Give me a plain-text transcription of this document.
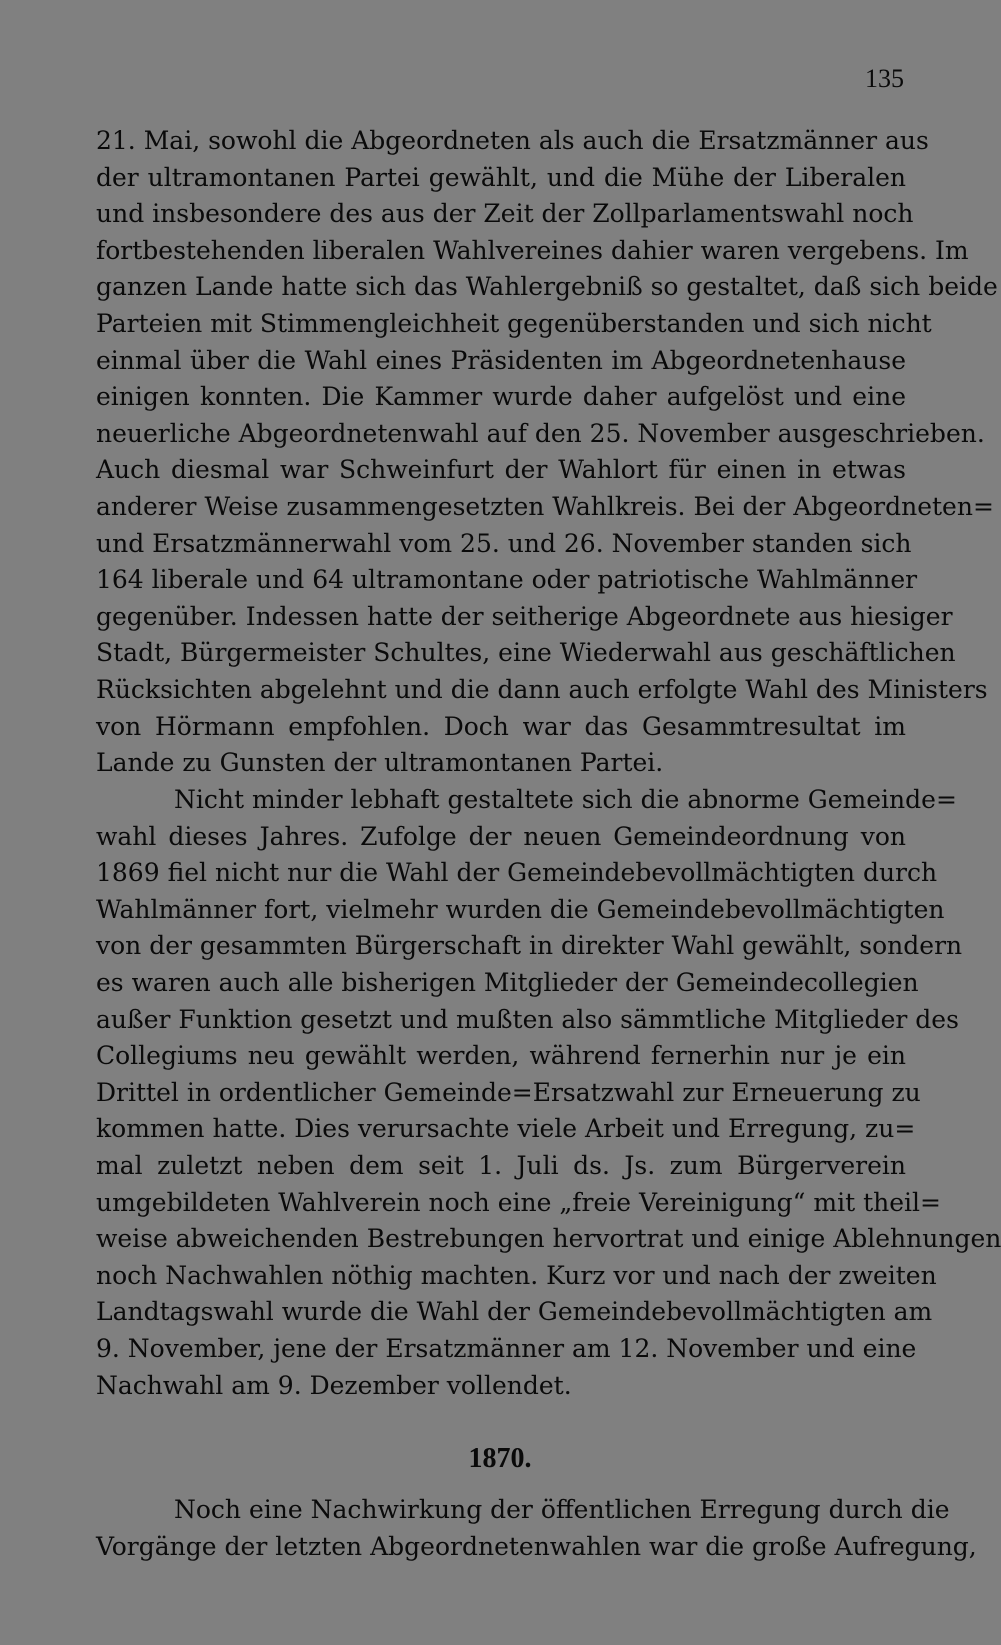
135
21. Mai, sowohl die Abgeordneten als auch die Ersatzmänner aus
der ultramontanen Partei gewählt, und die Mühe der Liberalen
und insbesondere des aus der Zeit der Zollparlamentswahl noch
fortbestehenden liberalen Wahlvereines dahier waren vergebens. Im
ganzen Lande hatte sich das Wahlergebniß so gestaltet, daß sich beide
Parteien mit Stimmengleichheit gegenüberstanden und sich nicht
einmal über die Wahl eines Präsidenten im Abgeordnetenhause
einigen konnten. Die Kammer wurde daher aufgelöst und eine
neuerliche Abgeordnetenwahl auf den 25. November ausgeschrieben.
Auch diesmal war Schweinfurt der Wahlort für einen in etwas
anderer Weise zusammengesetzten Wahlkreis. Bei der Abgeordneten=
und Ersatzmännerwahl vom 25. und 26. November standen sich
164 liberale und 64 ultramontane oder patriotische Wahlmänner
gegenüber. Indessen hatte der seitherige Abgeordnete aus hiesiger
Stadt, Bürgermeister Schultes, eine Wiederwahl aus geschäftlichen
Rücksichten abgelehnt und die dann auch erfolgte Wahl des Ministers
von Hörmann empfohlen. Doch war das Gesammtresultat im
Lande zu Gunsten der ultramontanen Partei.
Nicht minder lebhaft gestaltete sich die abnorme Gemeinde=
wahl dieses Jahres. Zufolge der neuen Gemeindeordnung von
1869 fiel nicht nur die Wahl der Gemeindebevollmächtigten durch
Wahlmänner fort, vielmehr wurden die Gemeindebevollmächtigten
von der gesammten Bürgerschaft in direkter Wahl gewählt, sondern
es waren auch alle bisherigen Mitglieder der Gemeindecollegien
außer Funktion gesetzt und mußten also sämmtliche Mitglieder des
Collegiums neu gewählt werden, während fernerhin nur je ein
Drittel in ordentlicher Gemeinde=Ersatzwahl zur Erneuerung zu
kommen hatte. Dies verursachte viele Arbeit und Erregung, zu=
mal zuletzt neben dem seit 1. Juli ds. Js. zum Bürgerverein
umgebildeten Wahlverein noch eine „freie Vereinigung“ mit theil=
weise abweichenden Bestrebungen hervortrat und einige Ablehnungen
noch Nachwahlen nöthig machten. Kurz vor und nach der zweiten
Landtagswahl wurde die Wahl der Gemeindebevollmächtigten am
9. November, jene der Ersatzmänner am 12. November und eine
Nachwahl am 9. Dezember vollendet.
1870.
Noch eine Nachwirkung der öffentlichen Erregung durch die
Vorgänge der letzten Abgeordnetenwahlen war die große Aufregung,
